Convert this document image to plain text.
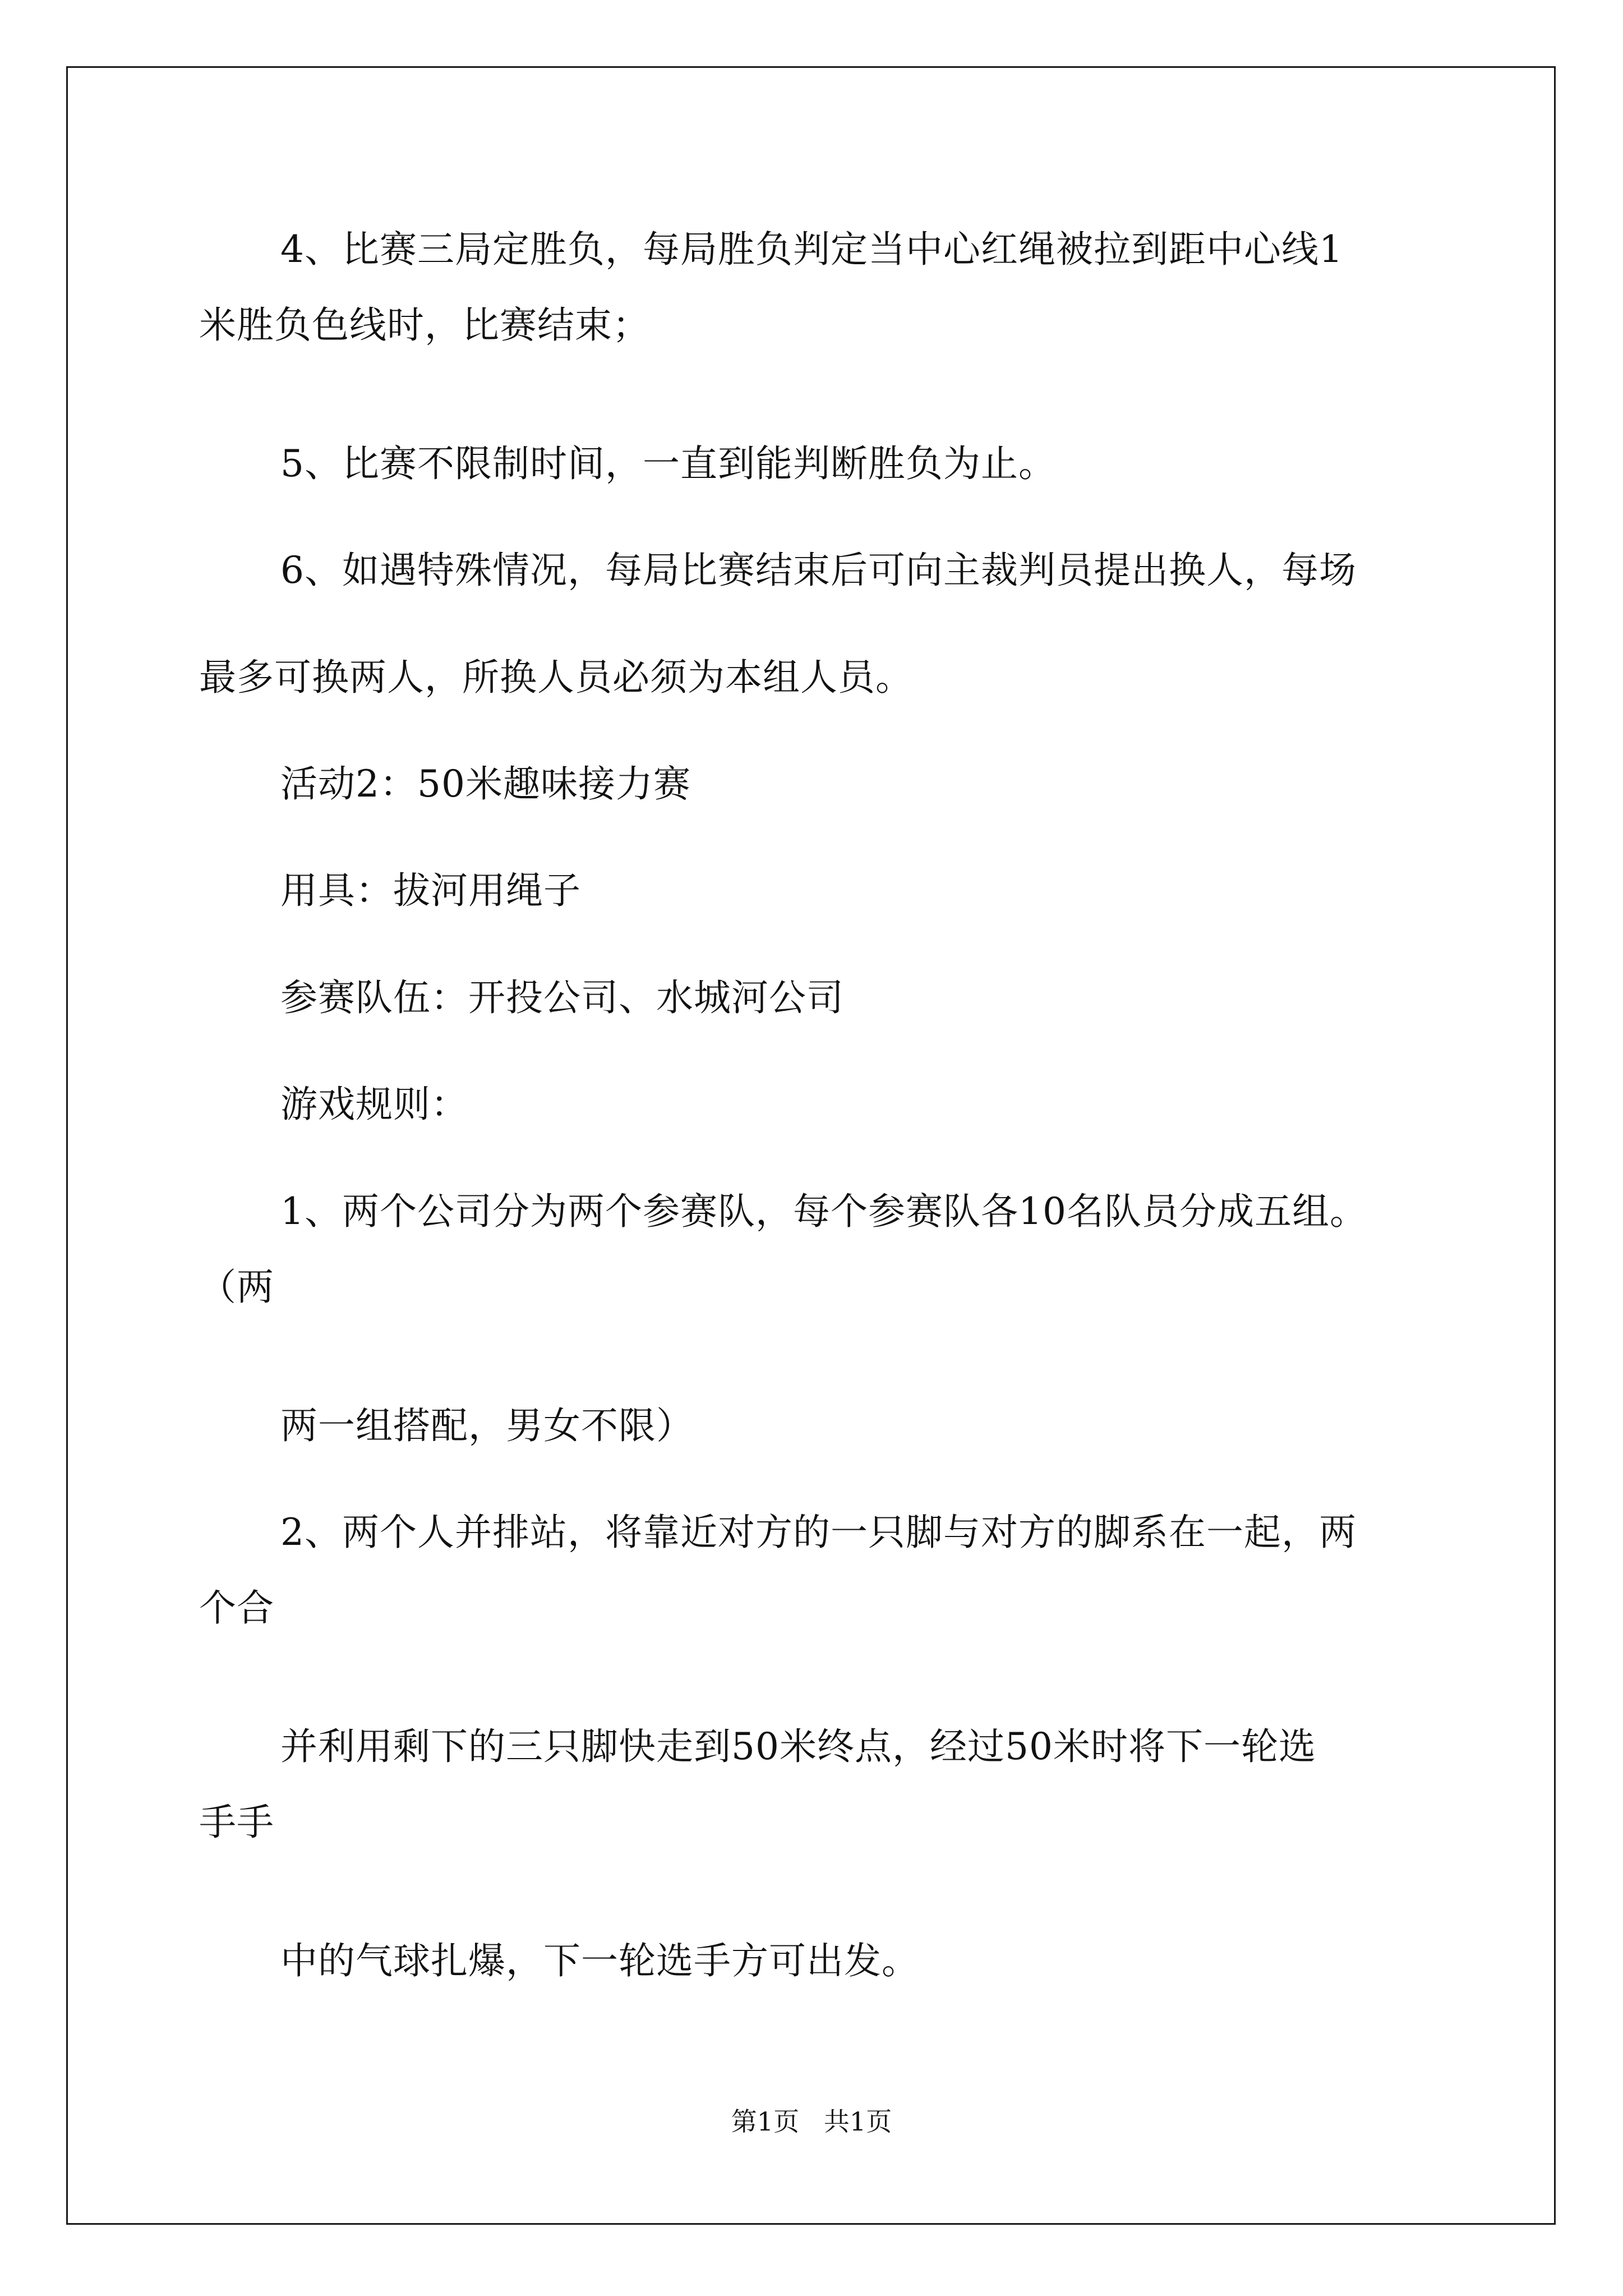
4、比赛三局定胜负，每局胜负判定当中心红绳被拉到距中心线1
米胜负色线时，比赛结束；
5、比赛不限制时间，一直到能判断胜负为止。
6、如遇特殊情况，每局比赛结束后可向主裁判员提出换人，每场
最多可换两人，所换人员必须为本组人员。
活动2：50米趣味接力赛
用具：拔河用绳子
参赛队伍：开投公司、水城河公司
游戏规则：
1、两个公司分为两个参赛队，每个参赛队各10名队员分成五组。
（两
两一组搭配，男女不限）
2、两个人并排站，将靠近对方的一只脚与对方的脚系在一起，两
个合
并利用剩下的三只脚快走到50米终点，经过50米时将下一轮选
手手
中的气球扎爆，下一轮选手方可出发。
第1页   共1页
